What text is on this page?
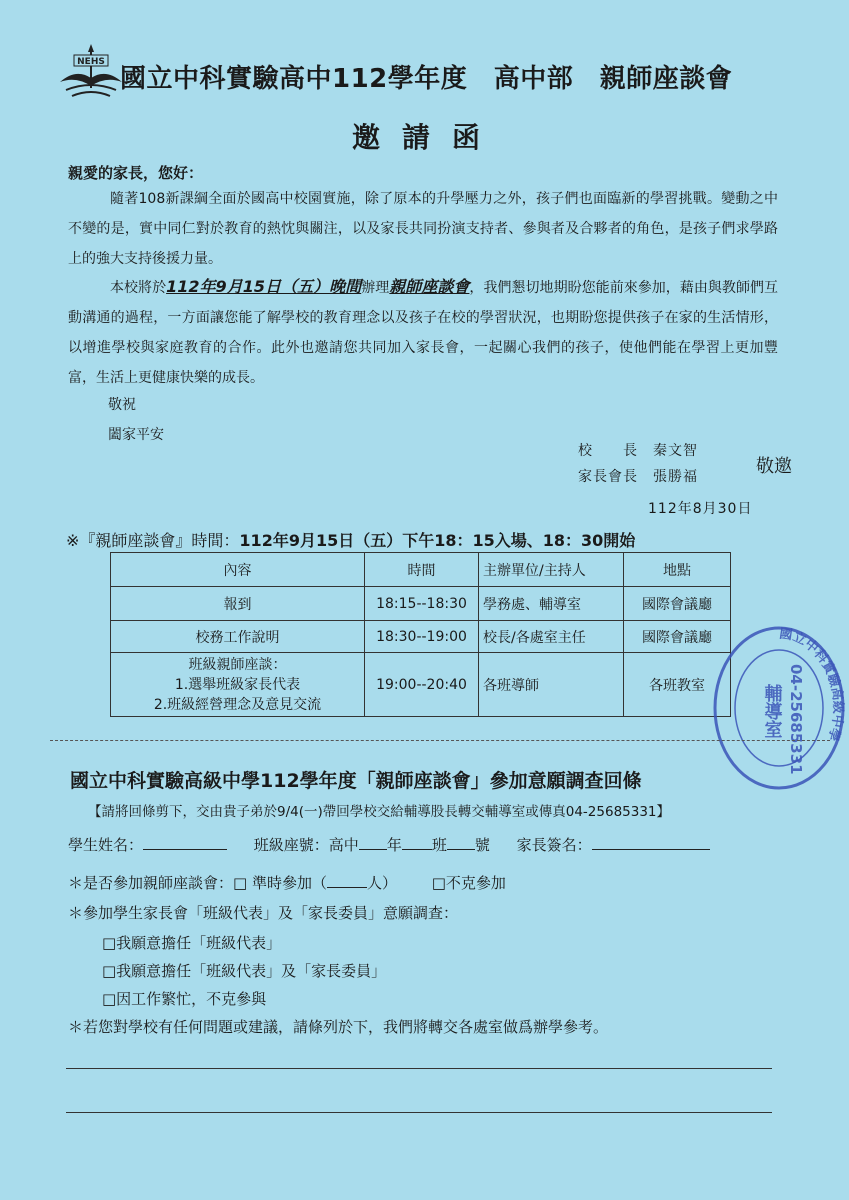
NEHS
國立中科實驗高中112學年度　高中部　親師座談會
邀請函
親愛的家長，您好：
隨著108新課綱全面於國高中校園實施，除了原本的升學壓力之外，孩子們也面臨新的學習挑戰。變動之中不變的是，實中同仁對於教育的熱忱與關注，以及家長共同扮演支持者、參與者及合夥者的角色，是孩子們求學路上的強大支持後援力量。
本校將於112年9月15日（五）晚間辦理親師座談會，我們懇切地期盼您能前來參加，藉由與教師們互動溝通的過程，一方面讓您能了解學校的教育理念以及孩子在校的學習狀況，也期盼您提供孩子在家的生活情形，以增進學校與家庭教育的合作。此外也邀請您共同加入家長會，一起關心我們的孩子，使他們能在學習上更加豐富，生活上更健康快樂的成長。
敬祝
闔家平安
校　　長　 秦文智
家長會長　 張勝福	敬邀
112年8月30日
※『親師座談會』時間：112年9月15日（五）下午18：15入場、18：30開始
內容	時間	主辦單位/主持人	地點
報到	18:15--18:30	學務處、輔導室	國際會議廳
校務工作說明	18:30--19:00	校長/各處室主任	國際會議廳

班級親師座談：
1.選舉班級家長代表
2.班級經營理念及意見交流	19:00--20:40	各班導師	各班教室
國立中科實驗高級中學
輔導室 04-25685331
國立中科實驗高級中學112學年度「親師座談會」參加意願調查回條
【請將回條剪下，交由貴子弟於9/4(一)帶回學校交給輔導股長轉交輔導室或傳真04-25685331】
學生姓名：	班級座號：高中 年 班 號 家長簽名：
＊是否參加親師座談會：□ 準時參加（	人） □不克參加
＊參加學生家長會「班級代表」及「家長委員」意願調查：
□我願意擔任「班級代表」
□我願意擔任「班級代表」及「家長委員」
□因工作繁忙，不克參與
＊若您對學校有任何問題或建議，請條列於下，我們將轉交各處室做爲辦學參考。
